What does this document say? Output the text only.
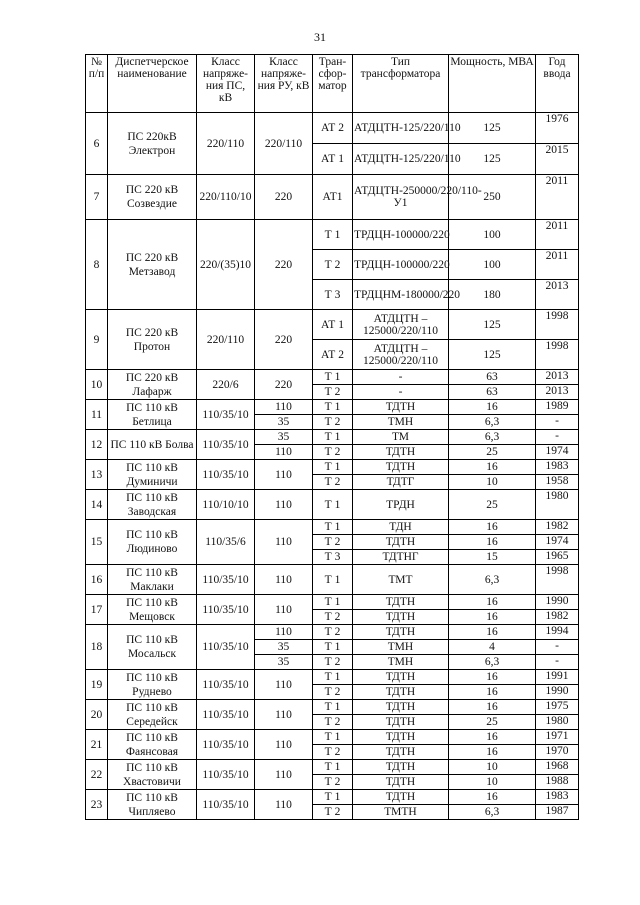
31
№ п/п	Диспетчерское наименование	Класс напряже-ния ПС, кВ	Класс напряже-ния РУ, кВ	Тран-сфор-матор	Тип трансформатора	Мощность, МВА	Год ввода
6	ПС 220кВ Электрон	220/110	220/110	АТ 2	АТДЦТН-125/220/110	125	1976
				АТ 1	АТДЦТН-125/220/110	125	2015
7	ПС 220 кВ Созвездие	220/110/10	220	АТ1	АТДЦТН-250000/220/110-У1	250	2011
8	ПС 220 кВ Метзавод	220/(35)10	220	Т 1	ТРДЦН-100000/220	100	2011
				Т 2	ТРДЦН-100000/220	100	2011
				Т 3	ТРДЦНМ-180000/220	180	2013
9	ПС 220 кВ Протон	220/110	220	АТ 1	АТДЦТН – 125000/220/110	125	1998
				АТ 2	АТДЦТН – 125000/220/110	125	1998
10	ПС 220 кВ Лафарж	220/6	220	Т 1	-	63	2013
				Т 2	-	63	2013
11	ПС 110 кВ Бетлица	110/35/10	110	Т 1	ТДТН	16	1989
			35	Т 2	ТМН	6,3	-
12	ПС 110 кВ Болва	110/35/10	35	Т 1	ТМ	6,3	-
			110	Т 2	ТДТН	25	1974
13	ПС 110 кВ Думиничи	110/35/10	110	Т 1	ТДТН	16	1983
				Т 2	ТДТГ	10	1958
14	ПС 110 кВ Заводская	110/10/10	110	Т 1	ТРДН	25	1980
15	ПС 110 кВ Людиново	110/35/6	110	Т 1	ТДН	16	1982
				Т 2	ТДТН	16	1974
				Т 3	ТДТНГ	15	1965
16	ПС 110 кВ Маклаки	110/35/10	110	Т 1	ТМТ	6,3	1998
17	ПС 110 кВ Мещовск	110/35/10	110	Т 1	ТДТН	16	1990
				Т 2	ТДТН	16	1982
18	ПС 110 кВ Мосальск	110/35/10	110	Т 2	ТДТН	16	1994
			35	Т 1	ТМН	4	-
			35	Т 2	ТМН	6,3	-
19	ПС 110 кВ Руднево	110/35/10	110	Т 1	ТДТН	16	1991
				Т 2	ТДТН	16	1990
20	ПС 110 кВ Середейск	110/35/10	110	Т 1	ТДТН	16	1975
				Т 2	ТДТН	25	1980
21	ПС 110 кВ Фаянсовая	110/35/10	110	Т 1	ТДТН	16	1971
				Т 2	ТДТН	16	1970
22	ПС 110 кВ Хвастовичи	110/35/10	110	Т 1	ТДТН	10	1968
				Т 2	ТДТН	10	1988
23	ПС 110 кВ Чипляево	110/35/10	110	Т 1	ТДТН	16	1983
				Т 2	ТМТН	6,3	1987
